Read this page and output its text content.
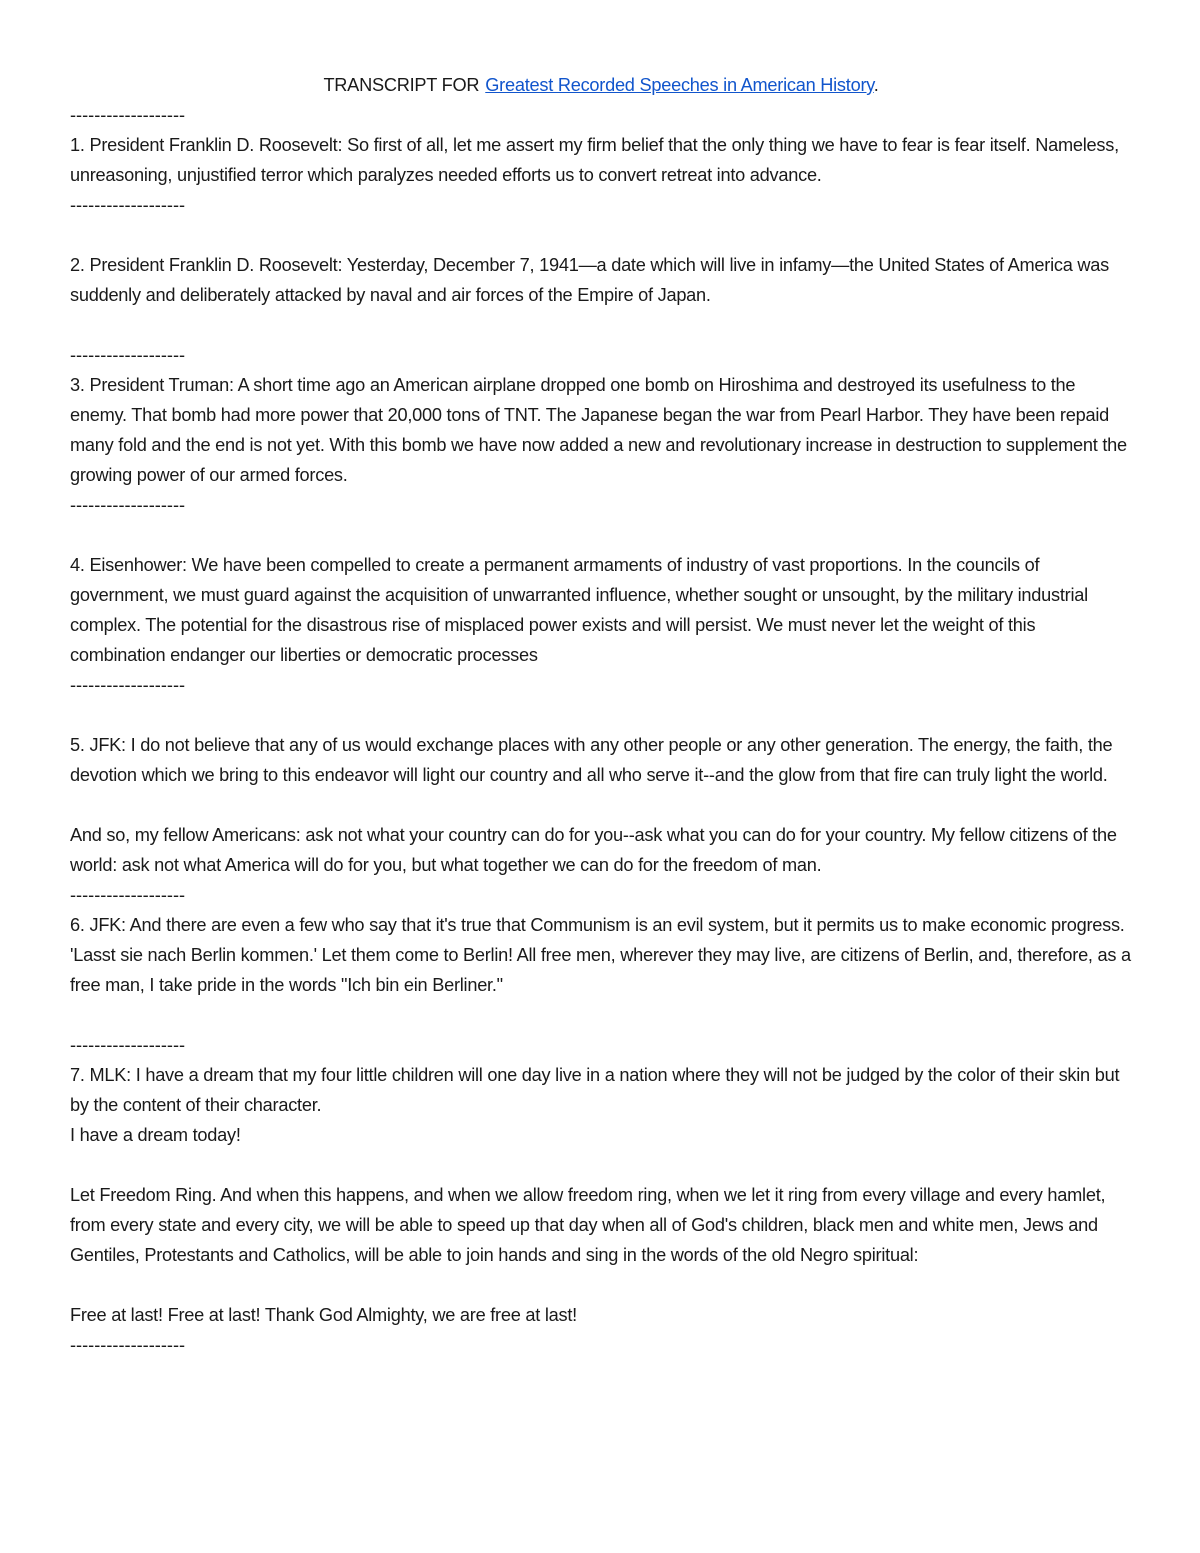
TRANSCRIPT FOR Greatest Recorded Speeches in American History.

-------------------

1. President Franklin D. Roosevelt: So first of all, let me assert my firm belief that the only thing we have to fear is fear itself. Nameless, unreasoning, unjustified terror which paralyzes needed efforts us to convert retreat into advance.

-------------------

2. President Franklin D. Roosevelt: Yesterday, December 7, 1941—a date which will live in infamy—the United States of America was suddenly and deliberately attacked by naval and air forces of the Empire of Japan.

-------------------

3. President Truman: A short time ago an American airplane dropped one bomb on Hiroshima and destroyed its usefulness to the enemy. That bomb had more power that 20,000 tons of TNT. The Japanese began the war from Pearl Harbor. They have been repaid many fold and the end is not yet. With this bomb we have now added a new and revolutionary increase in destruction to supplement the growing power of our armed forces.

-------------------

4. Eisenhower: We have been compelled to create a permanent armaments of industry of vast proportions. In the councils of government, we must guard against the acquisition of unwarranted influence, whether sought or unsought, by the military industrial complex. The potential for the disastrous rise of misplaced power exists and will persist. We must never let the weight of this combination endanger our liberties or democratic processes

-------------------

5. JFK: I do not believe that any of us would exchange places with any other people or any other generation. The energy, the faith, the devotion which we bring to this endeavor will light our country and all who serve it--and the glow from that fire can truly light the world.

And so, my fellow Americans: ask not what your country can do for you--ask what you can do for your country. My fellow citizens of the world: ask not what America will do for you, but what together we can do for the freedom of man.

-------------------

6. JFK: And there are even a few who say that it's true that Communism is an evil system, but it permits us to make economic progress. 'Lasst sie nach Berlin kommen.' Let them come to Berlin! All free men, wherever they may live, are citizens of Berlin, and, therefore, as a free man, I take pride in the words "Ich bin ein Berliner."

-------------------

7. MLK: I have a dream that my four little children will one day live in a nation where they will not be judged by the color of their skin but by the content of their character.

I have a dream today!

Let Freedom Ring. And when this happens, and when we allow freedom ring, when we let it ring from every village and every hamlet, from every state and every city, we will be able to speed up that day when all of God's children, black men and white men, Jews and Gentiles, Protestants and Catholics, will be able to join hands and sing in the words of the old Negro spiritual:

Free at last! Free at last! Thank God Almighty, we are free at last!

-------------------
